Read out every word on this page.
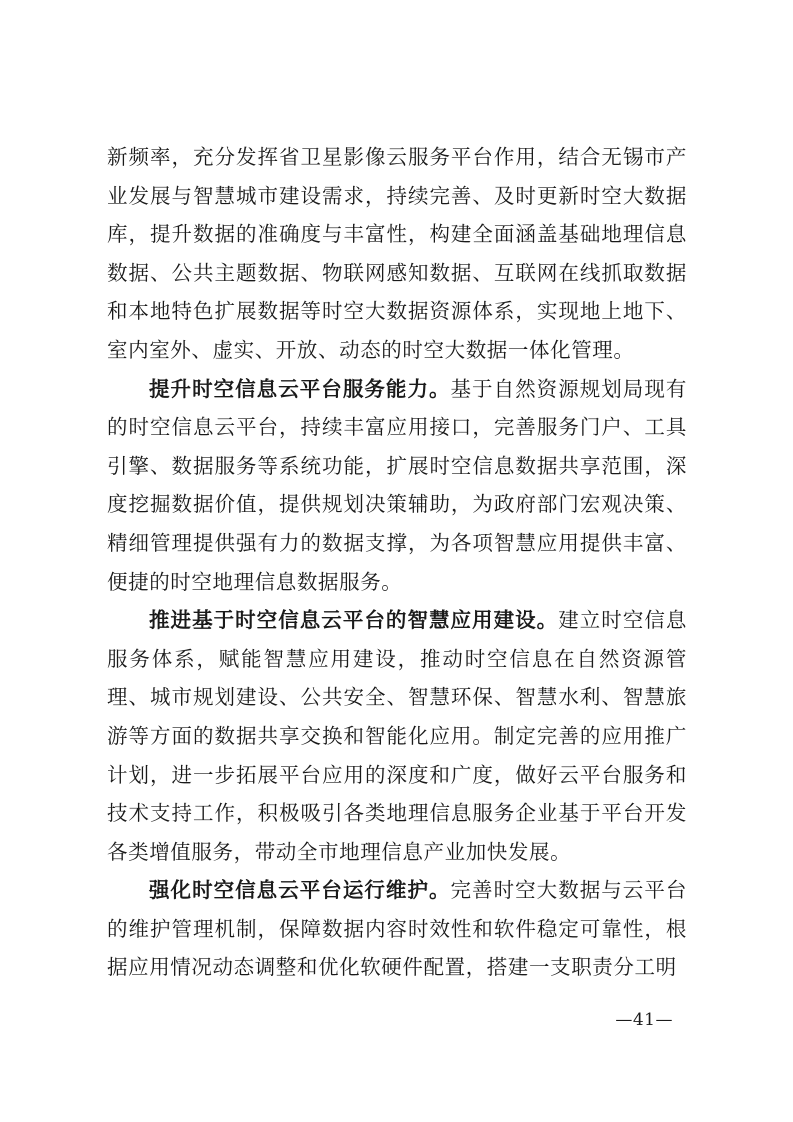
新频率，充分发挥省卫星影像云服务平台作用，结合无锡市产业发展与智慧城市建设需求，持续完善、及时更新时空大数据库，提升数据的准确度与丰富性，构建全面涵盖基础地理信息数据、公共主题数据、物联网感知数据、互联网在线抓取数据和本地特色扩展数据等时空大数据资源体系，实现地上地下、室内室外、虚实、开放、动态的时空大数据一体化管理。

提升时空信息云平台服务能力。基于自然资源规划局现有的时空信息云平台，持续丰富应用接口，完善服务门户、工具引擎、数据服务等系统功能，扩展时空信息数据共享范围，深度挖掘数据价值，提供规划决策辅助，为政府部门宏观决策、精细管理提供强有力的数据支撑，为各项智慧应用提供丰富、便捷的时空地理信息数据服务。

推进基于时空信息云平台的智慧应用建设。建立时空信息服务体系，赋能智慧应用建设，推动时空信息在自然资源管理、城市规划建设、公共安全、智慧环保、智慧水利、智慧旅游等方面的数据共享交换和智能化应用。制定完善的应用推广计划，进一步拓展平台应用的深度和广度，做好云平台服务和技术支持工作，积极吸引各类地理信息服务企业基于平台开发各类增值服务，带动全市地理信息产业加快发展。

强化时空信息云平台运行维护。完善时空大数据与云平台的维护管理机制，保障数据内容时效性和软件稳定可靠性，根据应用情况动态调整和优化软硬件配置，搭建一支职责分工明

—41—
